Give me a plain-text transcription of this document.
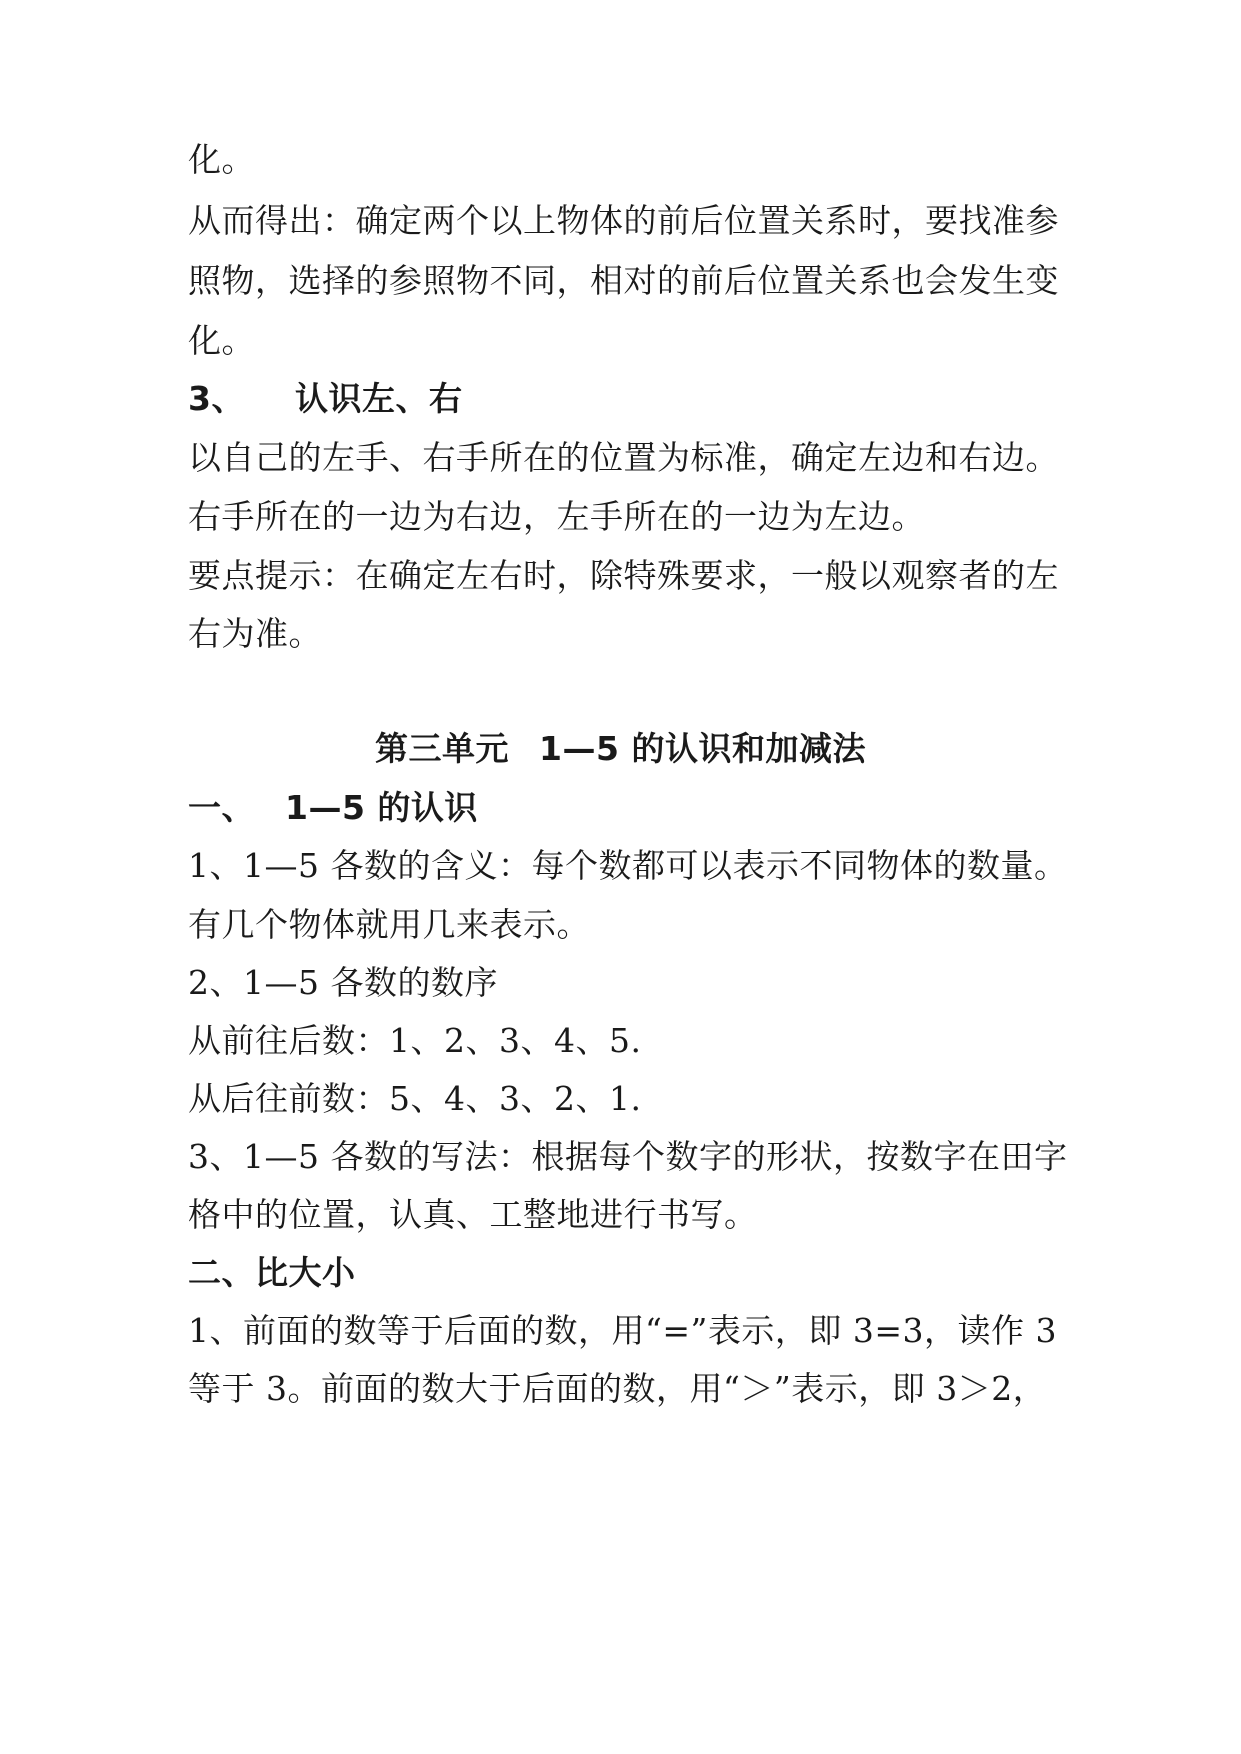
化。
从而得出：确定两个以上物体的前后位置关系时，要找准参
照物，选择的参照物不同，相对的前后位置关系也会发生变
化。
3、 认识左、右
以自己的左手、右手所在的位置为标准，确定左边和右边。
右手所在的一边为右边，左手所在的一边为左边。
要点提示：在确定左右时，除特殊要求，一般以观察者的左
右为准。
第三单元 1—5 的认识和加减法
一、 1—5 的认识
1、1—5 各数的含义：每个数都可以表示不同物体的数量。
有几个物体就用几来表示。
2、1—5 各数的数序
从前往后数：1、2、3、4、5.
从后往前数：5、4、3、2、1.
3、1—5 各数的写法：根据每个数字的形状，按数字在田字
格中的位置，认真、工整地进行书写。
二、比大小
1、前面的数等于后面的数，用“=”表示，即 3=3，读作 3
等于 3。前面的数大于后面的数，用“＞”表示，即 3＞2，
